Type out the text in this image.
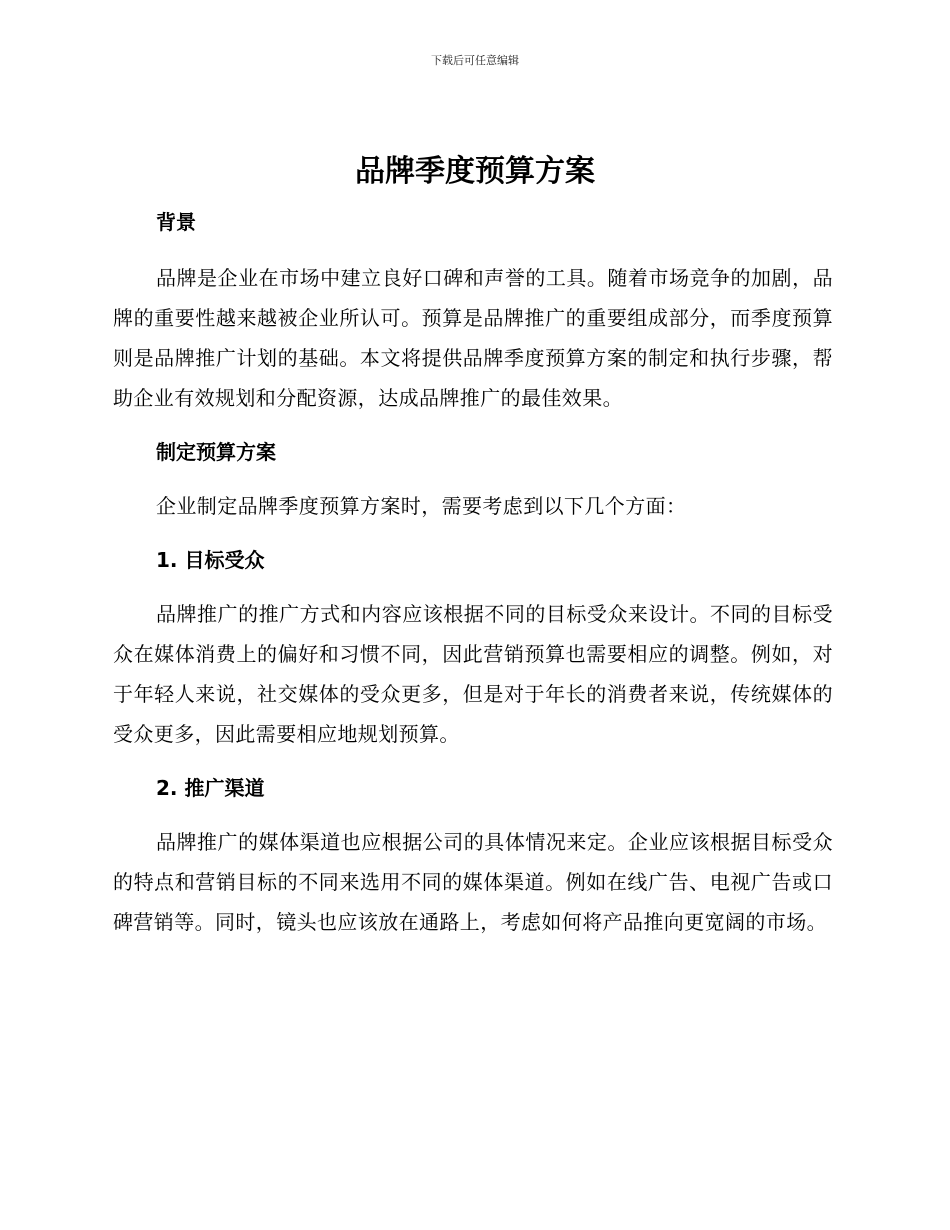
下载后可任意编辑
品牌季度预算方案
背景

品牌是企业在市场中建立良好口碑和声誉的工具。随着市场竞争的加剧，品牌的重要性越来越被企业所认可。预算是品牌推广的重要组成部分，而季度预算则是品牌推广计划的基础。本文将提供品牌季度预算方案的制定和执行步骤，帮助企业有效规划和分配资源，达成品牌推广的最佳效果。

制定预算方案

企业制定品牌季度预算方案时，需要考虑到以下几个方面：

1. 目标受众

品牌推广的推广方式和内容应该根据不同的目标受众来设计。不同的目标受众在媒体消费上的偏好和习惯不同，因此营销预算也需要相应的调整。例如，对于年轻人来说，社交媒体的受众更多，但是对于年长的消费者来说，传统媒体的受众更多，因此需要相应地规划预算。

2. 推广渠道

品牌推广的媒体渠道也应根据公司的具体情况来定。企业应该根据目标受众的特点和营销目标的不同来选用不同的媒体渠道。例如在线广告、电视广告或口碑营销等。同时，镜头也应该放在通路上，考虑如何将产品推向更宽阔的市场。
